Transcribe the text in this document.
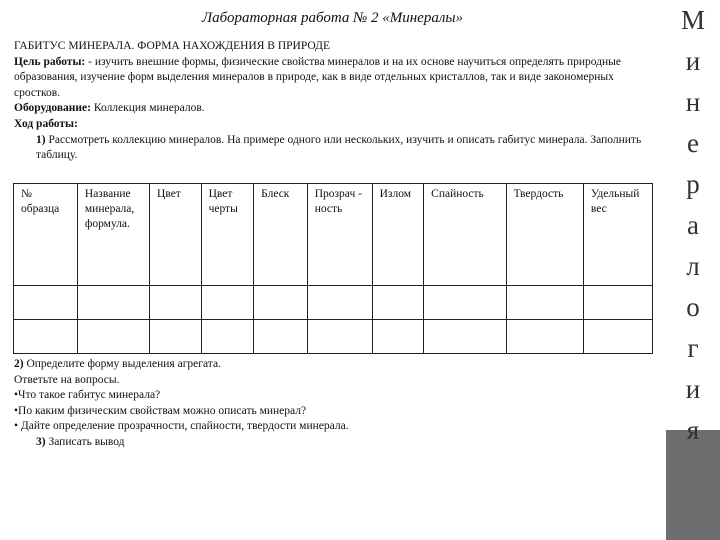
Лабораторная работа № 2 «Минералы»

ГАБИТУС МИНЕРАЛА. ФОРМА НАХОЖДЕНИЯ В ПРИРОДЕ

Цель работы: - изучить внешние формы, физические свойства минералов и на их основе научиться определять природные образования, изучение форм выделения минералов в природе, как в виде отдельных кристаллов, так и виде закономерных сростков.

Оборудование: Коллекция минералов.

Ход работы:

1) Рассмотреть коллекцию минералов. На примере одного или нескольких, изучить и описать габитус минерала. Заполнить таблицу.

№ образца	Название минерала, формула.	Цвет	Цвет черты	Блеск	Прозрач - ность	Излом	Спайность	Твердость	Удельный вес

2) Определите форму выделения агрегата.

Ответьте на вопросы.

•Что такое габитус минерала?

•По каким физическим свойствам можно описать минерал?

• Дайте определение прозрачности, спайности, твердости минерала.

3) Записать вывод

М
и
н
е
р
а
л
о
г
и
я
